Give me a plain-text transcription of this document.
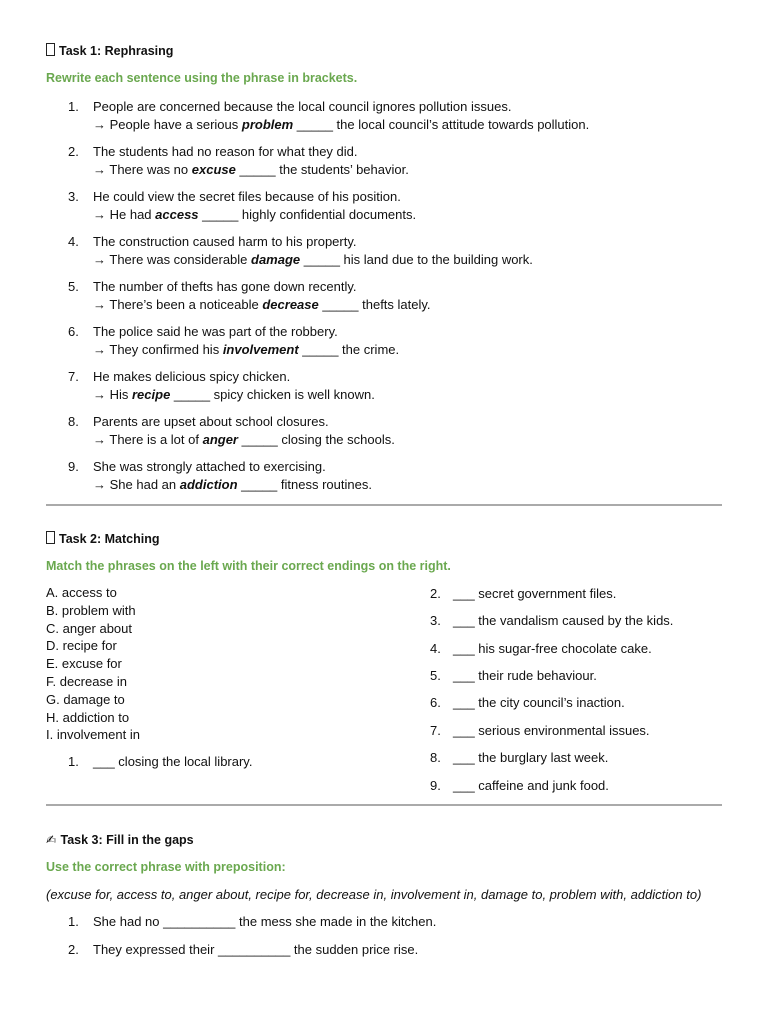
Task 1: Rephrasing
Rewrite each sentence using the phrase in brackets.
1. People are concerned because the local council ignores pollution issues.
→ People have a serious problem _____ the local council’s attitude towards pollution.
2. The students had no reason for what they did.
→ There was no excuse _____ the students’ behavior.
3. He could view the secret files because of his position.
→ He had access _____ highly confidential documents.
4. The construction caused harm to his property.
→ There was considerable damage _____ his land due to the building work.
5. The number of thefts has gone down recently.
→ There’s been a noticeable decrease _____ thefts lately.
6. The police said he was part of the robbery.
→ They confirmed his involvement _____ the crime.
7. He makes delicious spicy chicken.
→ His recipe _____ spicy chicken is well known.
8. Parents are upset about school closures.
→ There is a lot of anger _____ closing the schools.
9. She was strongly attached to exercising.
→ She had an addiction _____ fitness routines.
Task 2: Matching
Match the phrases on the left with their correct endings on the right.
A. access to
B. problem with
C. anger about
D. recipe for
E. excuse for
F. decrease in
G. damage to
H. addiction to
I. involvement in
1. ___ closing the local library.
2. ___ secret government files.
3. ___ the vandalism caused by the kids.
4. ___ his sugar-free chocolate cake.
5. ___ their rude behaviour.
6. ___ the city council’s inaction.
7. ___ serious environmental issues.
8. ___ the burglary last week.
9. ___ caffeine and junk food.
✍ Task 3: Fill in the gaps
Use the correct phrase with preposition:
(excuse for, access to, anger about, recipe for, decrease in, involvement in, damage to, problem with, addiction to)
1. She had no __________ the mess she made in the kitchen.
2. They expressed their __________ the sudden price rise.
